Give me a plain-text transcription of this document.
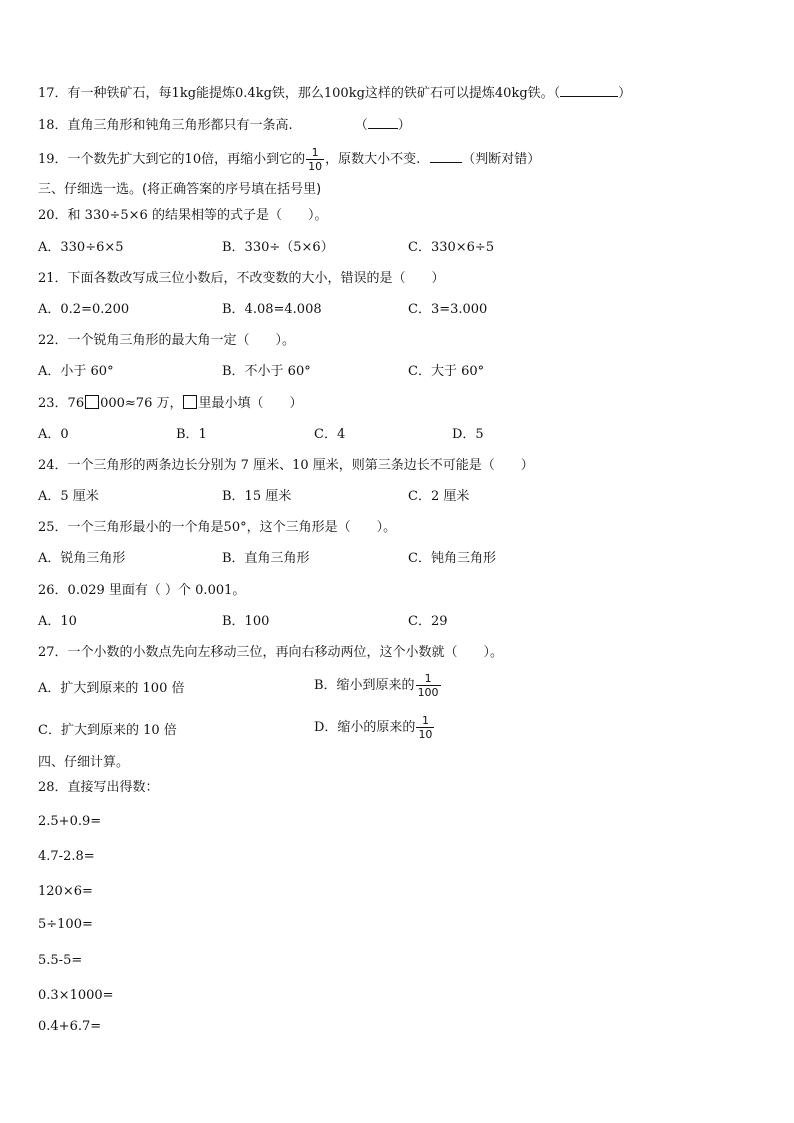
17．有一种铁矿石，每1kg能提炼0.4kg铁，那么100kg这样的铁矿石可以提炼40kg铁。（	）
18．直角三角形和钝角三角形都只有一条高.	（ ）
19．一个数先扩大到它的10倍，再缩小到它的 $\frac{1}{10}$ ，原数大小不变.	（判断对错）
三、仔细选一选。(将正确答案的序号填在括号里)
20．和 330÷5×6 的结果相等的式子是（　　）。
A．330÷6×5	B．330÷（5×6）	C．330×6÷5
21．下面各数改写成三位小数后，不改变数的大小，错误的是（　　）
A．0.2=0.200	B．4.08=4.008	C．3=3.000
22．一个锐角三角形的最大角一定（　　）。
A．小于 60°	B．不小于 60°	C．大于 60°
23．76 000≈76 万， 里最小填（　　）
A．0	B．1	C．4	D．5
24．一个三角形的两条边长分别为 7 厘米、10 厘米，则第三条边长不可能是（　　）
A．5 厘米	B．15 厘米	C．2 厘米
25．一个三角形最小的一个角是50°，这个三角形是（　　）。
A．锐角三角形	B．直角三角形	C．钝角三角形
26．0.029 里面有（ ）个 0.001。
A．10	B．100	C．29
27．一个小数的小数点先向左移动三位，再向右移动两位，这个小数就（　　）。
A．扩大到原来的 100 倍	B．缩小到原来的 $\frac{1}{100}$
C．扩大到原来的 10 倍	D．缩小的原来的 $\frac{1}{10}$
四、仔细计算。
28．直接写出得数：
2.5+0.9=
4.7-2.8=
120×6=
5÷100=
5.5-5=
0.3×1000=
0.4+6.7=
